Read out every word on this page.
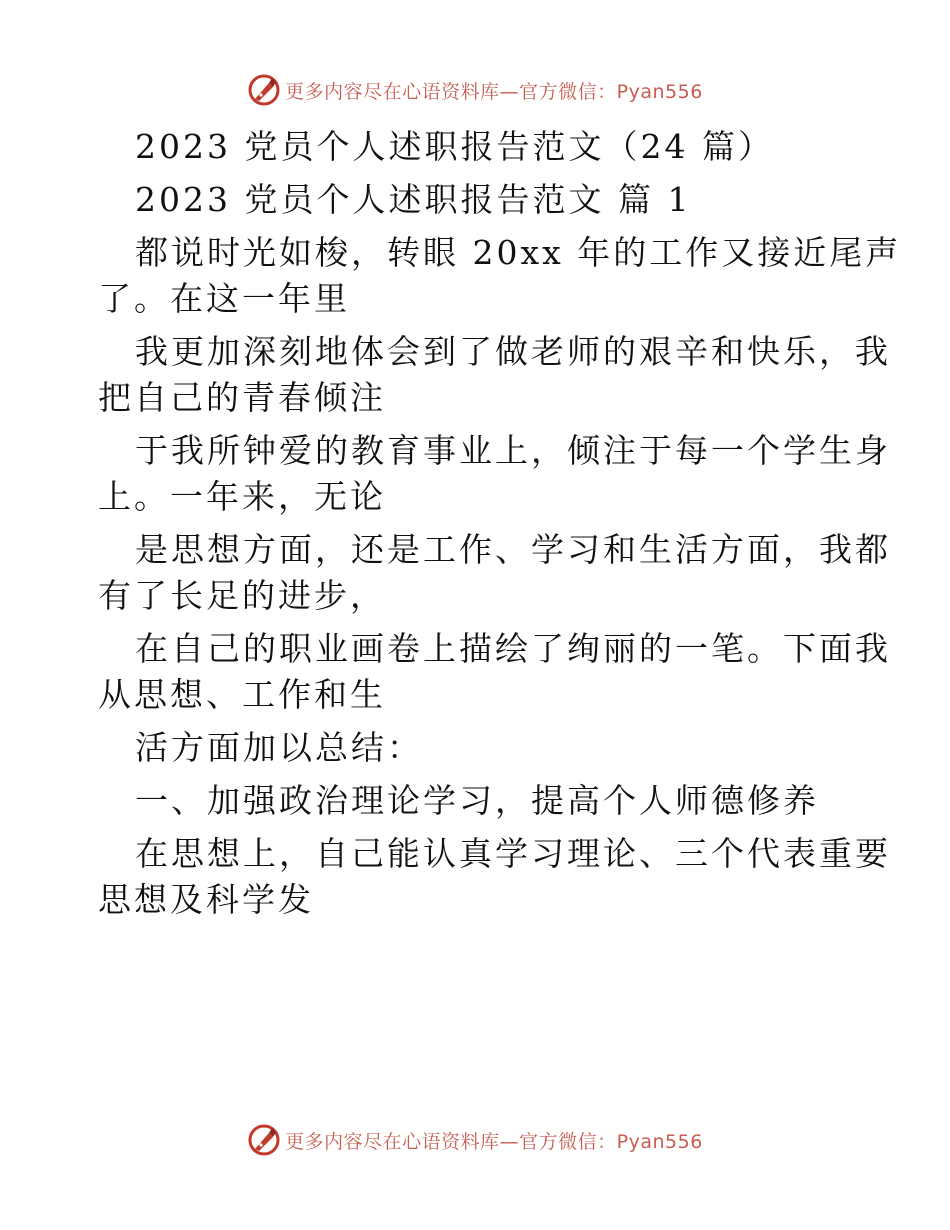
更多内容尽在心语资料库—官方微信：Pyan556
2023 党员个人述职报告范文（24 篇）
2023 党员个人述职报告范文 篇 1
都说时光如梭，转眼 20xx 年的工作又接近尾声
了。在这一年里
我更加深刻地体会到了做老师的艰辛和快乐，我
把自己的青春倾注
于我所钟爱的教育事业上，倾注于每一个学生身
上。一年来，无论
是思想方面，还是工作、学习和生活方面，我都
有了长足的进步，
在自己的职业画卷上描绘了绚丽的一笔。下面我
从思想、工作和生
活方面加以总结：
一、加强政治理论学习，提高个人师德修养
在思想上，自己能认真学习理论、三个代表重要
思想及科学发
更多内容尽在心语资料库—官方微信：Pyan556
